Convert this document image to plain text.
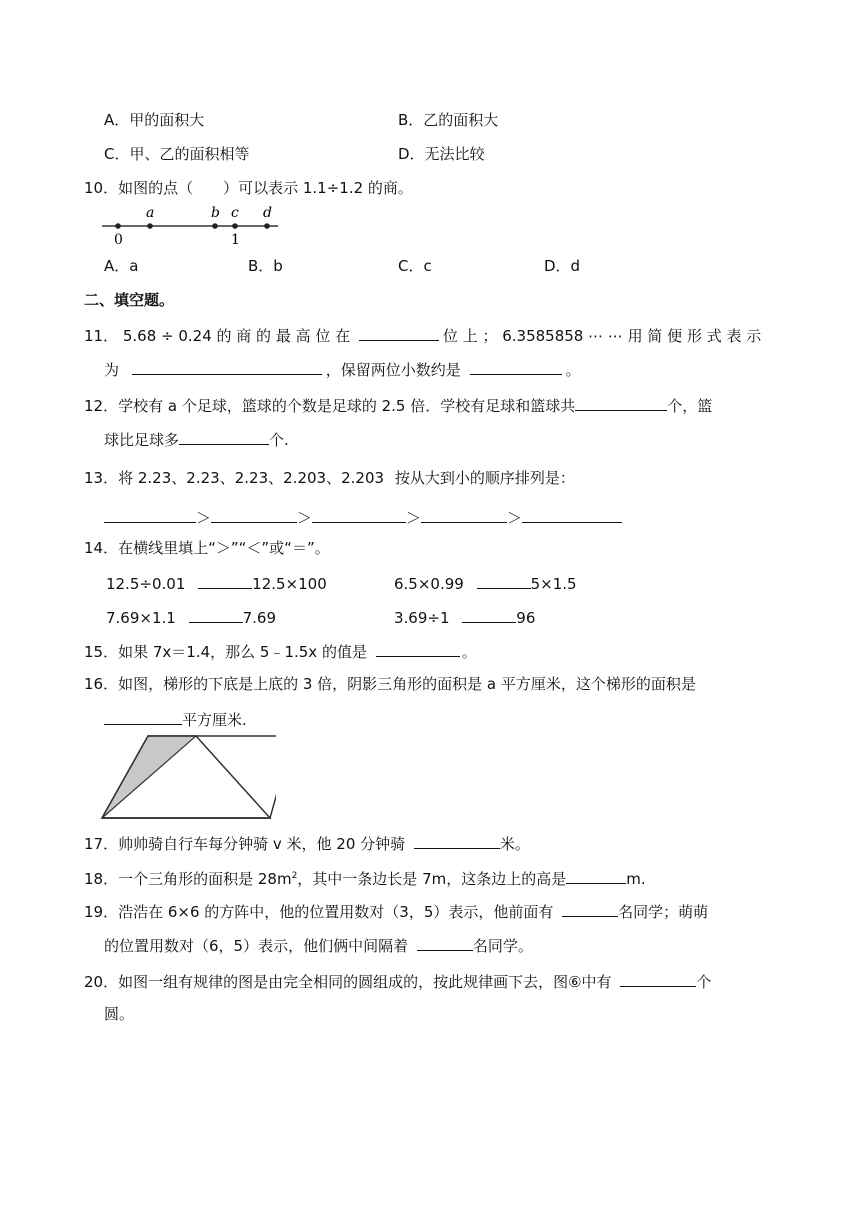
A．甲的面积大	B．乙的面积大
C．甲、乙的面积相等	D．无法比较
10．如图的点（　　）可以表示 1.1÷1.2 的商。
a	b c d
0	1
A．a	B．b	C．c	D．d
二、填空题。
11． 5.68 ÷ 0.24 的 商 的 最 高 位 在	位 上 ； 6.3585858 ⋯ ⋯ 用 简 便 形 式 表 示
为	，保留两位小数约是	。
12．学校有 a 个足球，篮球的个数是足球的 2.5 倍．学校有足球和篮球共	个，篮
球比足球多	个.
13．将 2.23、2.23、2.23、2.203、2.203 按从大到小的顺序排列是：
＞	＞	＞	＞
14．在横线里填上“＞”“＜”或“＝”。
12.5÷0.01	12.5×100	6.5×0.99	5×1.5
7.69×1.1	7.69	3.69÷1	96
15．如果 7x＝1.4，那么 5﹣1.5x 的值是	。
16．如图，梯形的下底是上底的 3 倍，阴影三角形的面积是 a 平方厘米，这个梯形的面积是
平方厘米.
17．帅帅骑自行车每分钟骑 v 米，他 20 分钟骑	米。
18．一个三角形的面积是 $28m^2$，其中一条边长是 7m，这条边上的高是	m.
19．浩浩在 6×6 的方阵中，他的位置用数对（3，5）表示，他前面有	名同学；萌萌
的位置用数对（6，5）表示，他们俩中间隔着	名同学。
20．如图一组有规律的图是由完全相同的圆组成的，按此规律画下去，图⑥中有	个
圆。
